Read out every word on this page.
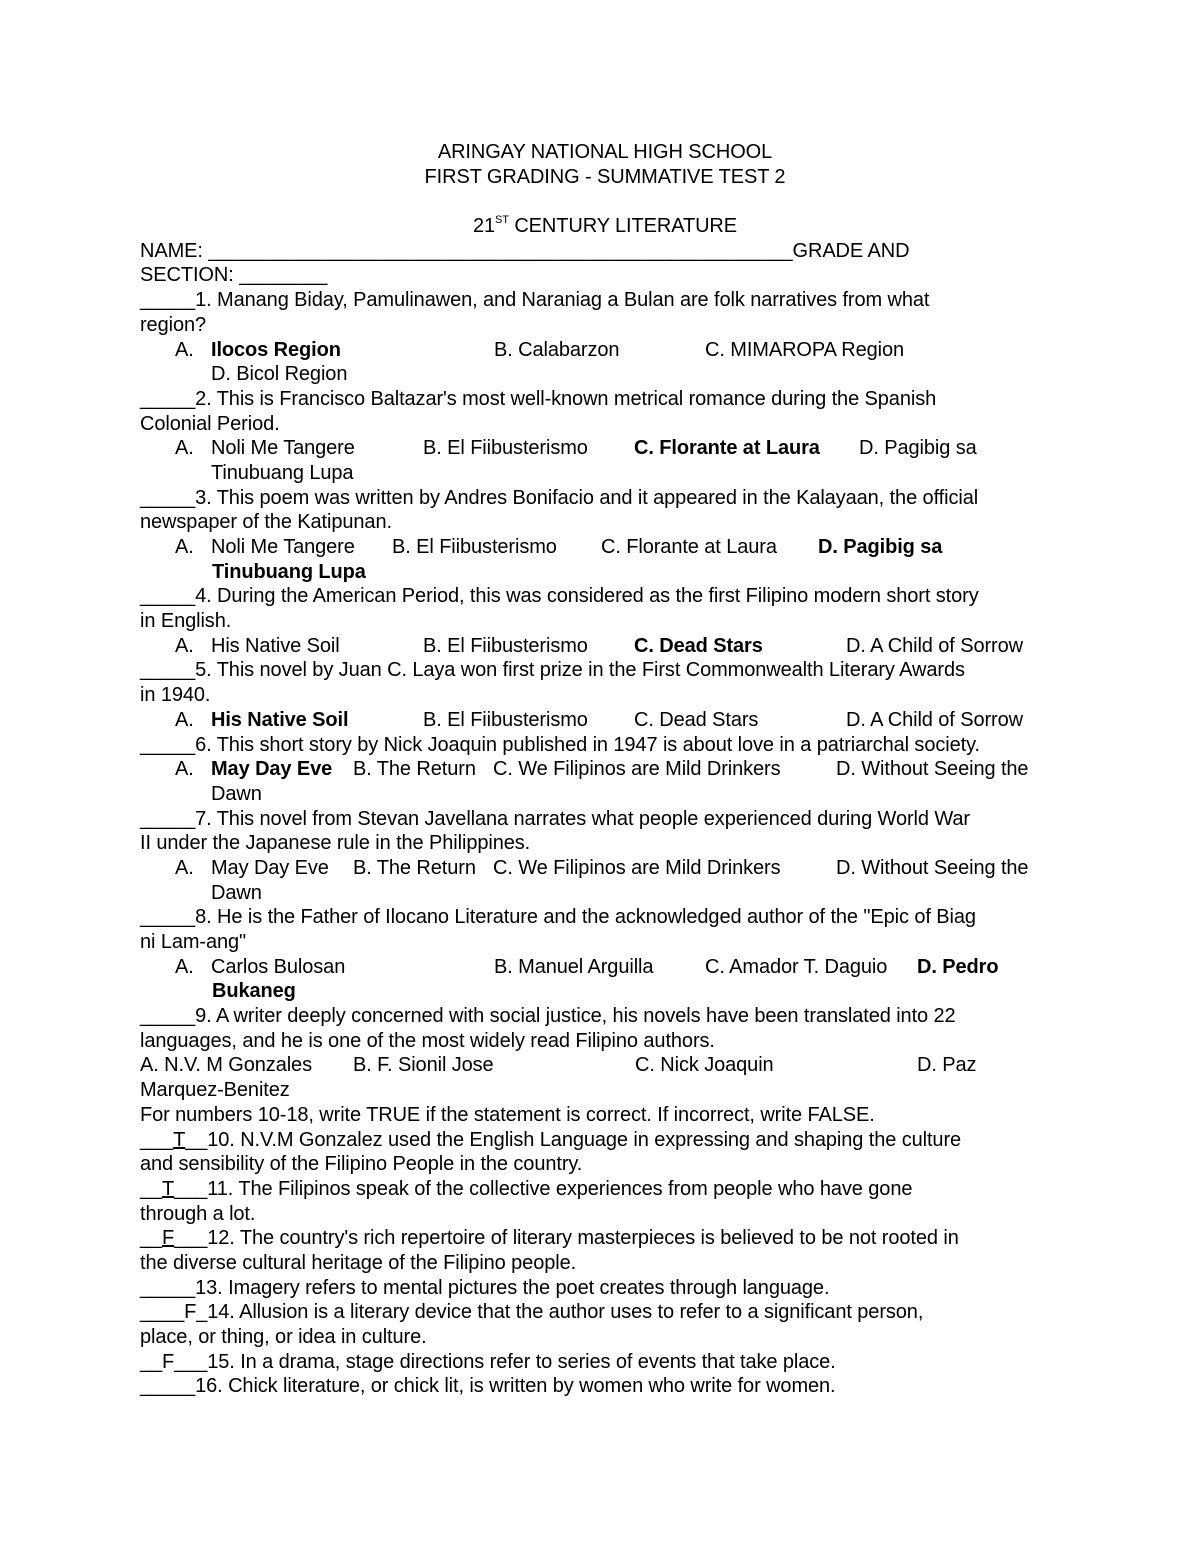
ARINGAY NATIONAL HIGH SCHOOL
FIRST GRADING - SUMMATIVE TEST 2
21ST CENTURY LITERATURE
NAME: _____________________________________________________GRADE AND
SECTION: ________
_____1. Manang Biday, Pamulinawen, and Naraniag a Bulan are folk narratives from what
region?
A. Ilocos Region	B. Calabarzon	C. MIMAROPA Region
D. Bicol Region
_____2. This is Francisco Baltazar's most well-known metrical romance during the Spanish
Colonial Period.
A. Noli Me Tangere	B. El Fiibusterismo C. Florante at Laura D. Pagibig sa
Tinubuang Lupa
_____3. This poem was written by Andres Bonifacio and it appeared in the Kalayaan, the official
newspaper of the Katipunan.
A. Noli Me Tangere B. El Fiibusterismo C. Florante at Laura D. Pagibig sa
Tinubuang Lupa
_____4. During the American Period, this was considered as the first Filipino modern short story
in English.
A. His Native Soil	B. El Fiibusterismo C. Dead Stars	D. A Child of Sorrow
_____5. This novel by Juan C. Laya won first prize in the First Commonwealth Literary Awards
in 1940.
A. His Native Soil	B. El Fiibusterismo C. Dead Stars	D. A Child of Sorrow
_____6. This short story by Nick Joaquin published in 1947 is about love in a patriarchal society.
A. May Day Eve B. The Return C. We Filipinos are Mild Drinkers	D. Without Seeing the
Dawn
_____7. This novel from Stevan Javellana narrates what people experienced during World War
II under the Japanese rule in the Philippines.
A. May Day Eve B. The Return C. We Filipinos are Mild Drinkers	D. Without Seeing the
Dawn
_____8. He is the Father of Ilocano Literature and the acknowledged author of the "Epic of Biag
ni Lam-ang"
A. Carlos Bulosan	B. Manuel Arguilla	C. Amador T. Daguio D. Pedro
Bukaneg
_____9. A writer deeply concerned with social justice, his novels have been translated into 22
languages, and he is one of the most widely read Filipino authors.
A. N.V. M Gonzales B. F. Sionil Jose	C. Nick Joaquin	D. Paz
Marquez-Benitez
For numbers 10-18, write TRUE if the statement is correct. If incorrect, write FALSE.
___T__10. N.V.M Gonzalez used the English Language in expressing and shaping the culture
and sensibility of the Filipino People in the country.
__T___11. The Filipinos speak of the collective experiences from people who have gone
through a lot.
__F___12. The country's rich repertoire of literary masterpieces is believed to be not rooted in
the diverse cultural heritage of the Filipino people.
_____13. Imagery refers to mental pictures the poet creates through language.
____F_14. Allusion is a literary device that the author uses to refer to a significant person,
place, or thing, or idea in culture.
__F___15. In a drama, stage directions refer to series of events that take place.
_____16. Chick literature, or chick lit, is written by women who write for women.
